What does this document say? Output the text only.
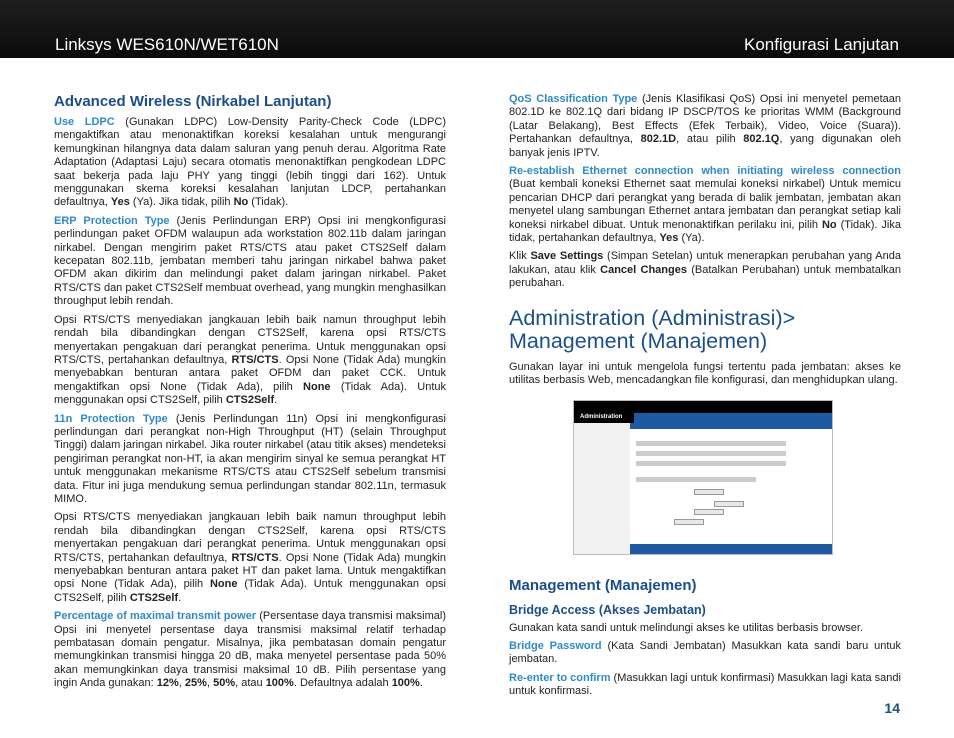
Linksys WES610N/WET610N	Konfigurasi Lanjutan
Advanced Wireless (Nirkabel Lanjutan)

Use LDPC (Gunakan LDPC) Low-Density Parity-Check Code (LDPC) mengaktifkan atau menonaktifkan koreksi kesalahan untuk mengurangi kemungkinan hilangnya data dalam saluran yang penuh derau. Algoritma Rate Adaptation (Adaptasi Laju) secara otomatis menonaktifkan pengkodean LDPC saat bekerja pada laju PHY yang tinggi (lebih tinggi dari 162). Untuk menggunakan skema koreksi kesalahan lanjutan LDCP, pertahankan defaultnya, Yes (Ya). Jika tidak, pilih No (Tidak).

ERP Protection Type (Jenis Perlindungan ERP) Opsi ini mengkonfigurasi perlindungan paket OFDM walaupun ada workstation 802.11b dalam jaringan nirkabel. Dengan mengirim paket RTS/CTS atau paket CTS2Self dalam kecepatan 802.11b, jembatan memberi tahu jaringan nirkabel bahwa paket OFDM akan dikirim dan melindungi paket dalam jaringan nirkabel. Paket RTS/CTS dan paket CTS2Self membuat overhead, yang mungkin menghasilkan throughput lebih rendah.

Opsi RTS/CTS menyediakan jangkauan lebih baik namun throughput lebih rendah bila dibandingkan dengan CTS2Self, karena opsi RTS/CTS menyertakan pengakuan dari perangkat penerima. Untuk menggunakan opsi RTS/CTS, pertahankan defaultnya, RTS/CTS. Opsi None (Tidak Ada) mungkin menyebabkan benturan antara paket OFDM dan paket CCK. Untuk mengaktifkan opsi None (Tidak Ada), pilih None (Tidak Ada). Untuk menggunakan opsi CTS2Self, pilih CTS2Self.

11n Protection Type (Jenis Perlindungan 11n) Opsi ini mengkonfigurasi perlindungan dari perangkat non-High Throughput (HT) (selain Throughput Tinggi) dalam jaringan nirkabel. Jika router nirkabel (atau titik akses) mendeteksi pengiriman perangkat non-HT, ia akan mengirim sinyal ke semua perangkat HT untuk menggunakan mekanisme RTS/CTS atau CTS2Self sebelum transmisi data. Fitur ini juga mendukung semua perlindungan standar 802.11n, termasuk MIMO.

Opsi RTS/CTS menyediakan jangkauan lebih baik namun throughput lebih rendah bila dibandingkan dengan CTS2Self, karena opsi RTS/CTS menyertakan pengakuan dari perangkat penerima. Untuk menggunakan opsi RTS/CTS, pertahankan defaultnya, RTS/CTS. Opsi None (Tidak Ada) mungkin menyebabkan benturan antara paket HT dan paket lama. Untuk mengaktifkan opsi None (Tidak Ada), pilih None (Tidak Ada). Untuk menggunakan opsi CTS2Self, pilih CTS2Self.

Percentage of maximal transmit power (Persentase daya transmisi maksimal) Opsi ini menyetel persentase daya transmisi maksimal relatif terhadap pembatasan domain pengatur. Misalnya, jika pembatasan domain pengatur memungkinkan transmisi hingga 20 dB, maka menyetel persentase pada 50% akan memungkinkan daya transmisi maksimal 10 dB. Pilih persentase yang ingin Anda gunakan: 12%, 25%, 50%, atau 100%. Defaultnya adalah 100%.

QoS Classification Type (Jenis Klasifikasi QoS) Opsi ini menyetel pemetaan 802.1D ke 802.1Q dari bidang IP DSCP/TOS ke prioritas WMM (Background (Latar Belakang), Best Effects (Efek Terbaik), Video, Voice (Suara)). Pertahankan defaultnya, 802.1D, atau pilih 802.1Q, yang digunakan oleh banyak jenis IPTV.

Re-establish Ethernet connection when initiating wireless connection (Buat kembali koneksi Ethernet saat memulai koneksi nirkabel) Untuk memicu pencarian DHCP dari perangkat yang berada di balik jembatan, jembatan akan menyetel ulang sambungan Ethernet antara jembatan dan perangkat setiap kali koneksi nirkabel dibuat. Untuk menonaktifkan perilaku ini, pilih No (Tidak). Jika tidak, pertahankan defaultnya, Yes (Ya).

Klik Save Settings (Simpan Setelan) untuk menerapkan perubahan yang Anda lakukan, atau klik Cancel Changes (Batalkan Perubahan) untuk membatalkan perubahan.

Administration (Administrasi)>
Management (Manajemen)

Gunakan layar ini untuk mengelola fungsi tertentu pada jembatan: akses ke utilitas berbasis Web, mencadangkan file konfigurasi, dan menghidupkan ulang.

Administration
Management (Manajemen)
Bridge Access (Akses Jembatan)

Gunakan kata sandi untuk melindungi akses ke utilitas berbasis browser.

Bridge Password (Kata Sandi Jembatan) Masukkan kata sandi baru untuk jembatan.

Re-enter to confirm (Masukkan lagi untuk konfirmasi) Masukkan lagi kata sandi untuk konfirmasi.

14
